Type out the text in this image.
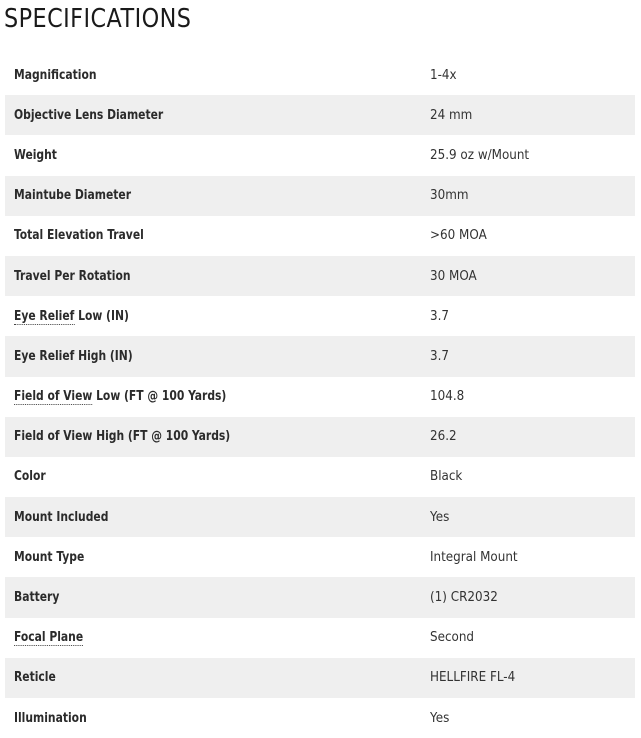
SPECIFICATIONS
Magnification	1-4x
Objective Lens Diameter	24 mm
Weight	25.9 oz w/Mount
Maintube Diameter	30mm
Total Elevation Travel	>60 MOA
Travel Per Rotation	30 MOA
Eye Relief Low (IN)	3.7
Eye Relief High (IN)	3.7
Field of View Low (FT @ 100 Yards)	104.8
Field of View High (FT @ 100 Yards)	26.2
Color	Black
Mount Included	Yes
Mount Type	Integral Mount
Battery	(1) CR2032
Focal Plane	Second
Reticle	HELLFIRE FL-4
Illumination	Yes
